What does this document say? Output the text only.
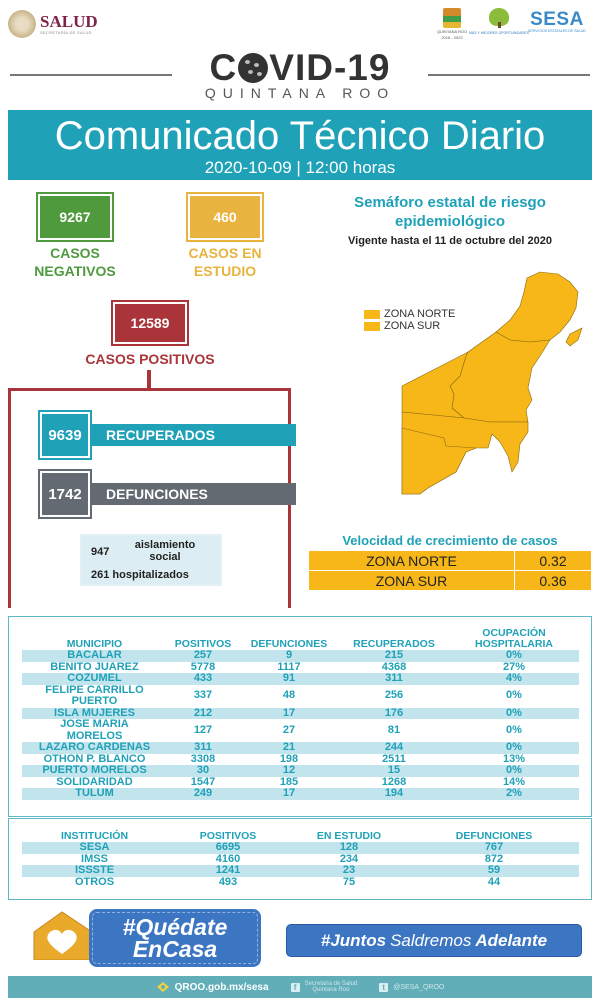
SALUD
SECRETARÍA DE SALUD	QUINTANA ROO
2016 - 2022
MÁS Y MEJORES OPORTUNIDADES
SESA
SERVICIOS ESTATALES DE SALUD
C VID-19
QUINTANA ROO
Comunicado Técnico Diario
2020-10-09 | 12:00 horas
9267
CASOS
NEGATIVOS
460
CASOS EN
ESTUDIO
12589
CASOS POSITIVOS
9639	RECUPERADOS
1742	DEFUNCIONES
947
aislamiento
social
261 hospitalizados
Semáforo estatal de riesgo
epidemiológico
Vigente hasta el 11 de octubre del 2020
ZONA NORTE
ZONA SUR
Velocidad de crecimiento de casos
ZONA NORTE	0.32
ZONA SUR	0.36
MUNICIPIO	POSITIVOS	DEFUNCIONES	RECUPERADOS	OCUPACIÓN HOSPITALARIA
BACALAR	257	9	215	0%
BENITO JUAREZ	5778	1117	4368	27%
COZUMEL	433	91	311	4%
FELIPE CARRILLO PUERTO	337	48	256	0%
ISLA MUJERES	212	17	176	0%
JOSE MARIA MORELOS	127	27	81	0%
LAZARO CARDENAS	311	21	244	0%
OTHON P. BLANCO	3308	198	2511	13%
PUERTO MORELOS	30	12	15	0%
SOLIDARIDAD	1547	185	1268	14%
TULUM	249	17	194	2%
INSTITUCIÓN	POSITIVOS	EN ESTUDIO	DEFUNCIONES
SESA	6695	128	767
IMSS	4160	234	872
ISSSTE	1241	23	59
OTROS	493	75	44
#Quédate
EnCasa	#Juntos Saldremos Adelante
QROO.gob.mx/sesa	f	Secretaria de Salud
Quintana Roo	t	@SESA_QROO
